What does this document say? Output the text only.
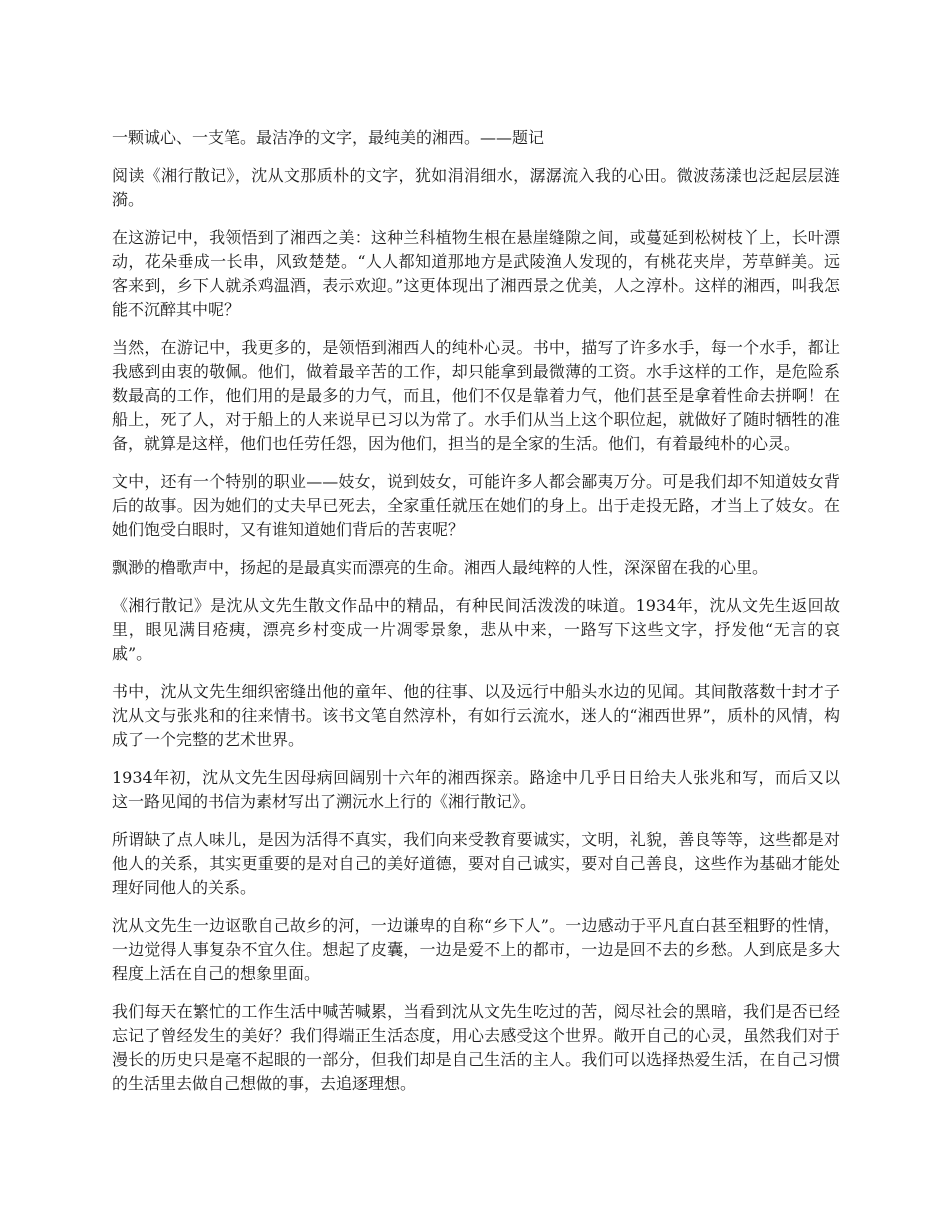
一颗诚心、一支笔。最洁净的文字，最纯美的湘西。——题记

阅读《湘行散记》，沈从文那质朴的文字，犹如涓涓细水，潺潺流入我的心田。微波荡漾也泛起层层涟漪。

在这游记中，我领悟到了湘西之美：这种兰科植物生根在悬崖缝隙之间，或蔓延到松树枝丫上，长叶漂动，花朵垂成一长串，风致楚楚。“人人都知道那地方是武陵渔人发现的，有桃花夹岸，芳草鲜美。远客来到，乡下人就杀鸡温酒，表示欢迎。”这更体现出了湘西景之优美，人之淳朴。这样的湘西，叫我怎能不沉醉其中呢？

当然，在游记中，我更多的，是领悟到湘西人的纯朴心灵。书中，描写了许多水手，每一个水手，都让我感到由衷的敬佩。他们，做着最辛苦的工作，却只能拿到最微薄的工资。水手这样的工作，是危险系数最高的工作，他们用的是最多的力气，而且，他们不仅是靠着力气，他们甚至是拿着性命去拼啊！在船上，死了人，对于船上的人来说早已习以为常了。水手们从当上这个职位起，就做好了随时牺牲的准备，就算是这样，他们也任劳任怨，因为他们，担当的是全家的生活。他们，有着最纯朴的心灵。

文中，还有一个特别的职业——妓女，说到妓女，可能许多人都会鄙夷万分。可是我们却不知道妓女背后的故事。因为她们的丈夫早已死去，全家重任就压在她们的身上。出于走投无路，才当上了妓女。在她们饱受白眼时，又有谁知道她们背后的苦衷呢？

飘渺的橹歌声中，扬起的是最真实而漂亮的生命。湘西人最纯粹的人性，深深留在我的心里。

《湘行散记》是沈从文先生散文作品中的精品，有种民间活泼泼的味道。1934年，沈从文先生返回故里，眼见满目疮痍，漂亮乡村变成一片凋零景象，悲从中来，一路写下这些文字，抒发他“无言的哀戚”。

书中，沈从文先生细织密缝出他的童年、他的往事、以及远行中船头水边的见闻。其间散落数十封才子沈从文与张兆和的往来情书。该书文笔自然淳朴，有如行云流水，迷人的“湘西世界”，质朴的风情，构成了一个完整的艺术世界。

1934年初，沈从文先生因母病回阔别十六年的湘西探亲。路途中几乎日日给夫人张兆和写，而后又以这一路见闻的书信为素材写出了溯沅水上行的《湘行散记》。

所谓缺了点人味儿，是因为活得不真实，我们向来受教育要诚实，文明，礼貌，善良等等，这些都是对他人的关系，其实更重要的是对自己的美好道德，要对自己诚实，要对自己善良，这些作为基础才能处理好同他人的关系。

沈从文先生一边讴歌自己故乡的河，一边谦卑的自称“乡下人”。一边感动于平凡直白甚至粗野的性情，一边觉得人事复杂不宜久住。想起了皮囊，一边是爱不上的都市，一边是回不去的乡愁。人到底是多大程度上活在自己的想象里面。

我们每天在繁忙的工作生活中喊苦喊累，当看到沈从文先生吃过的苦，阅尽社会的黑暗，我们是否已经忘记了曾经发生的美好？我们得端正生活态度，用心去感受这个世界。敞开自己的心灵，虽然我们对于漫长的历史只是毫不起眼的一部分，但我们却是自己生活的主人。我们可以选择热爱生活，在自己习惯的生活里去做自己想做的事，去追逐理想。
